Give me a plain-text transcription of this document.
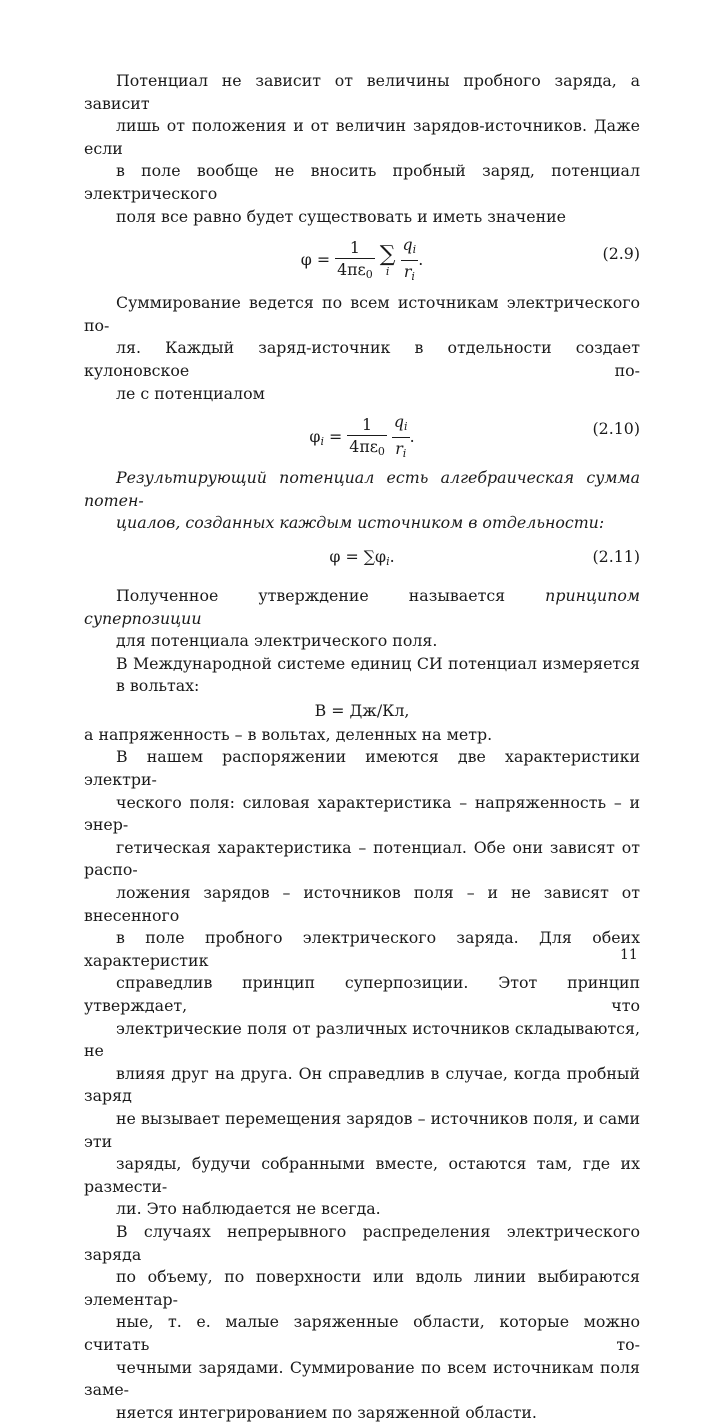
Потенциал не зависит от величины пробного заряда, а зависит
лишь от положения и от величин зарядов-источников. Даже если
в поле вообще не вносить пробный заряд, потенциал электрического
поля все равно будет существовать и иметь значение
$\varphi = \frac{1}{4\pi\varepsilon_0}$ ∑
i
$\frac{q_i}{r_i}$ .	(2.9)
Суммирование ведется по всем источникам электрического по-
ля. Каждый заряд-источник в отдельности создает кулоновское по-
ле с потенциалом
$\varphi_i = \frac{1}{4\pi\varepsilon_0}$
$\frac{q_i}{r_i}$ .	(2.10)
Результирующий потенциал есть алгебраическая сумма потен-
циалов, созданных каждым источником в отдельности:
$\varphi = \sum\varphi_i$.	(2.11)
Полученное утверждение называется принципом суперпозиции
для потенциала электрического поля.
В Международной системе единиц СИ потенциал измеряется
в вольтах:
В = Дж/Кл,
а напряженность – в вольтах, деленных на метр.
В нашем распоряжении имеются две характеристики электри-
ческого поля: силовая характеристика – напряженность – и энер-
гетическая характеристика – потенциал. Обе они зависят от распо-
ложения зарядов – источников поля – и не зависят от внесенного
в поле пробного электрического заряда. Для обеих характеристик
справедлив принцип суперпозиции. Этот принцип утверждает, что
электрические поля от различных источников складываются, не
влияя друг на друга. Он справедлив в случае, когда пробный заряд
не вызывает перемещения зарядов – источников поля, и сами эти
заряды, будучи собранными вместе, остаются там, где их размести-
ли. Это наблюдается не всегда.
В случаях непрерывного распределения электрического заряда
по объему, по поверхности или вдоль линии выбираются элементар-
ные, т. е. малые заряженные области, которые можно считать то-
чечными зарядами. Суммирование по всем источникам поля заме-
няется интегрированием по заряженной области.
11
